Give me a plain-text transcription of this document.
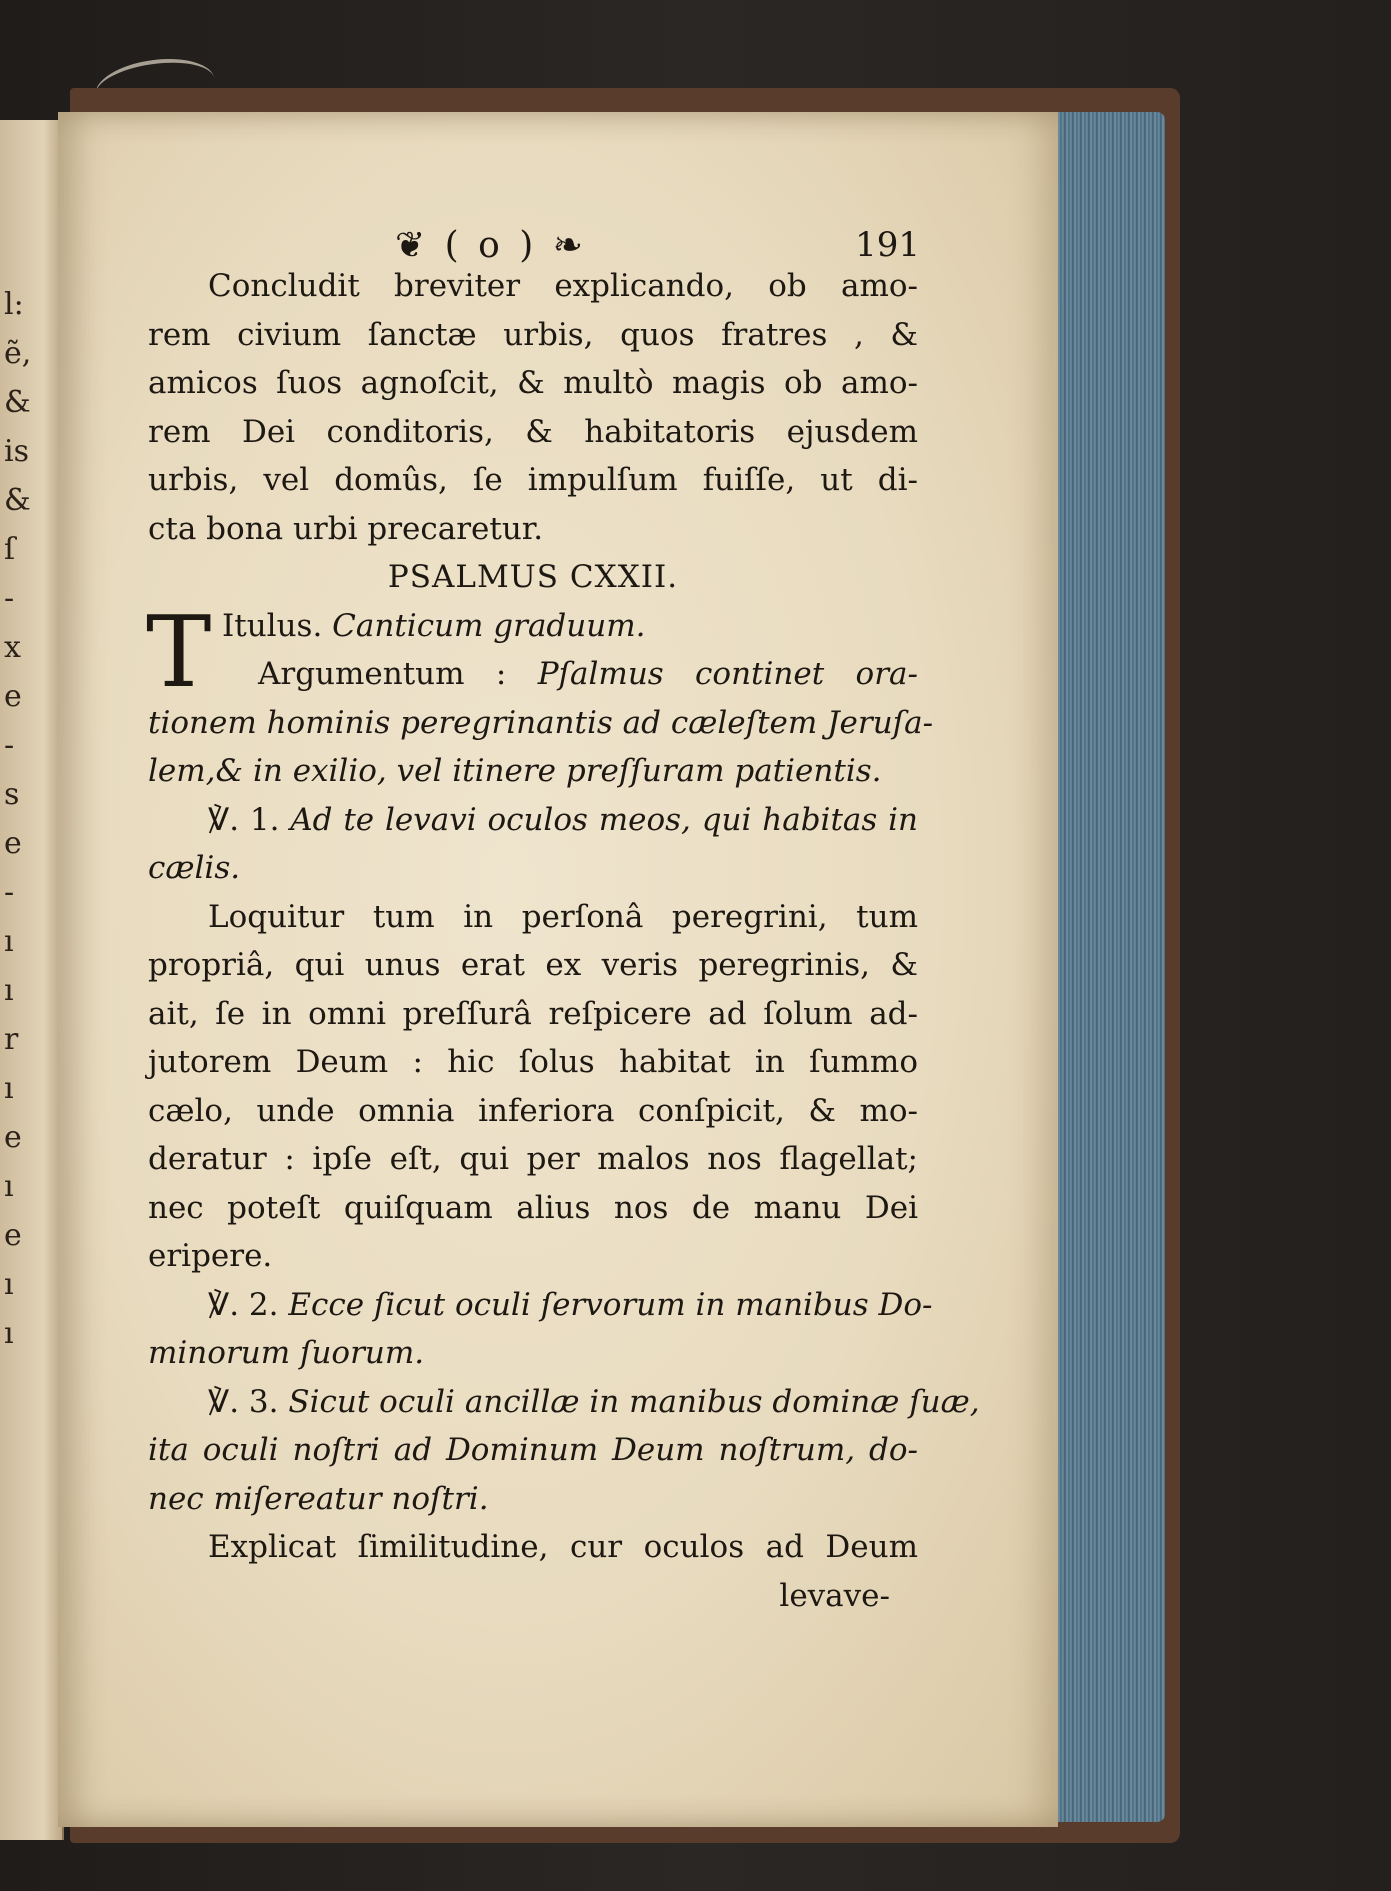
l:
ẽ,
&
is
&
ſ
‑
x
e
‑
s
e
‑
ı
ı
r
ı
e
ı
e
ı
ı
❦ ( o ) ❧	191
Concludit breviter explicando, ob amo-
rem civium ſanctæ urbis, quos fratres , &
amicos ſuos agnoſcit, & multò magis ob amo-
rem Dei conditoris, & habitatoris ejusdem
urbis, vel domûs, ſe impulſum fuiſſe, ut di-
cta bona urbi precaretur.
PSALMUS CXXII.
T Itulus. Canticum graduum.
Argumentum : Pſalmus continet ora-
tionem hominis peregrinantis ad cæleſtem Jeruſa-
lem,& in exilio, vel itinere preſſuram patientis.
℣. 1. Ad te levavi oculos meos, qui habitas in
cælis.
Loquitur tum in perſonâ peregrini, tum
propriâ, qui unus erat ex veris peregrinis, &
ait, ſe in omni preſſurâ reſpicere ad ſolum ad-
jutorem Deum : hic ſolus habitat in ſummo
cælo, unde omnia inferiora conſpicit, & mo-
deratur : ipſe eſt, qui per malos nos flagellat;
nec poteſt quiſquam alius nos de manu Dei
eripere.
℣. 2. Ecce ſicut oculi ſervorum in manibus Do-
minorum ſuorum.
℣. 3. Sicut oculi ancillæ in manibus dominæ ſuæ,
ita oculi noſtri ad Dominum Deum noſtrum, do-
nec miſereatur noſtri.
Explicat ſimilitudine, cur oculos ad Deum
levave-
